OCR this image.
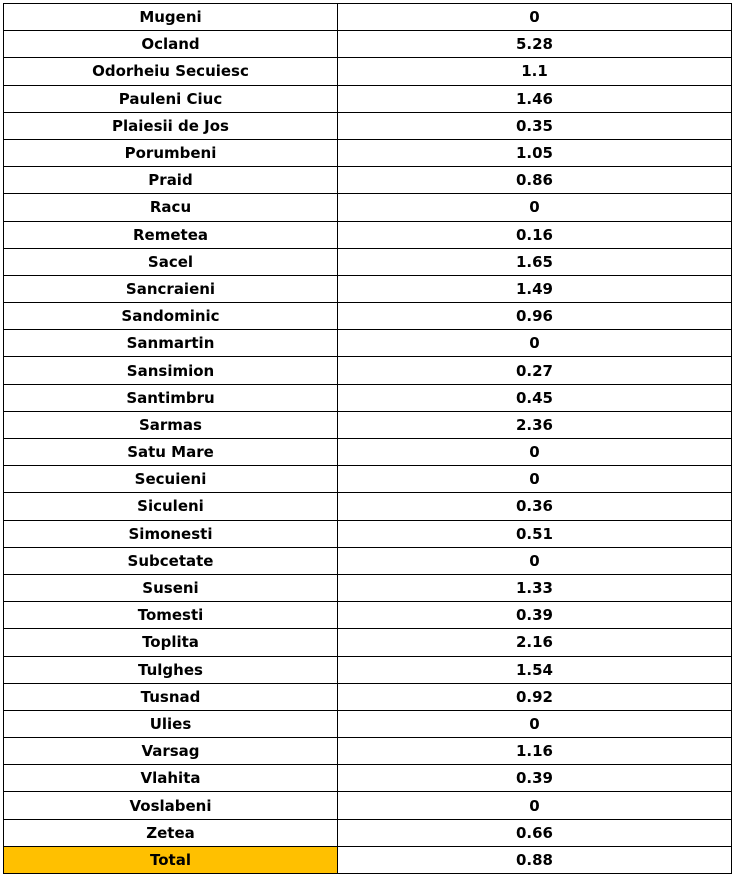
Mugeni	0
Ocland	5.28
Odorheiu Secuiesc	1.1
Pauleni Ciuc	1.46
Plaiesii de Jos	0.35
Porumbeni	1.05
Praid	0.86
Racu	0
Remetea	0.16
Sacel	1.65
Sancraieni	1.49
Sandominic	0.96
Sanmartin	0
Sansimion	0.27
Santimbru	0.45
Sarmas	2.36
Satu Mare	0
Secuieni	0
Siculeni	0.36
Simonesti	0.51
Subcetate	0
Suseni	1.33
Tomesti	0.39
Toplita	2.16
Tulghes	1.54
Tusnad	0.92
Ulies	0
Varsag	1.16
Vlahita	0.39
Voslabeni	0
Zetea	0.66
Total	0.88
